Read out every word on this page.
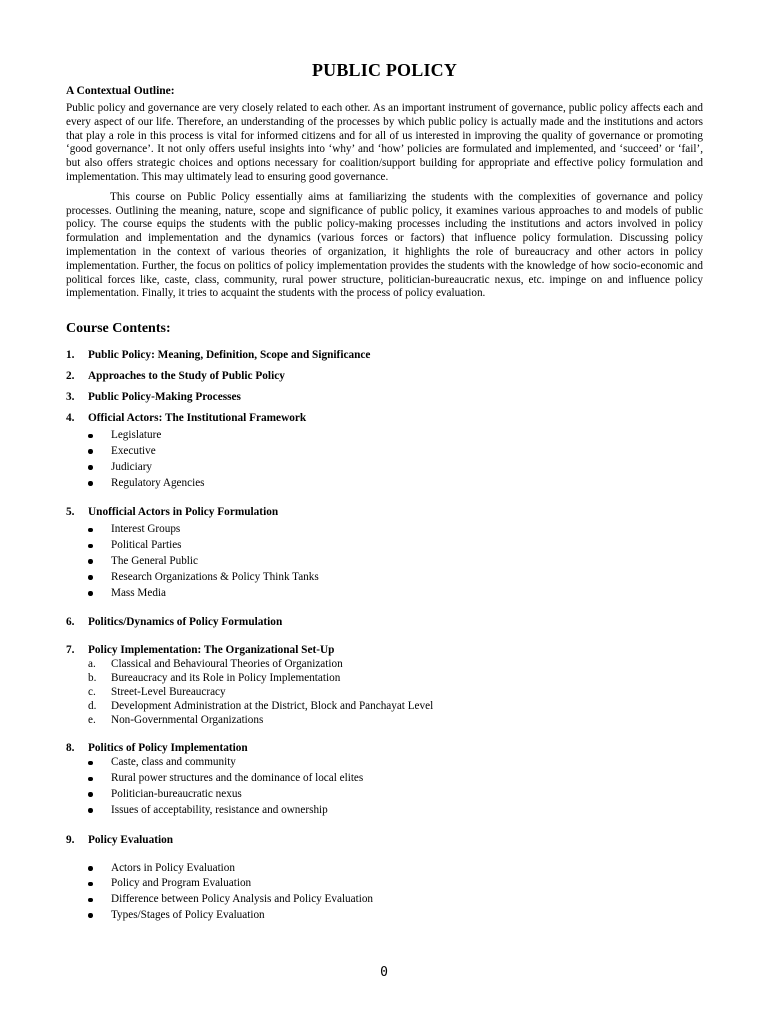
PUBLIC POLICY
A Contextual Outline:

Public policy and governance are very closely related to each other. As an important instrument of governance, public policy affects each and every aspect of our life. Therefore, an understanding of the processes by which public policy is actually made and the institutions and actors that play a role in this process is vital for informed citizens and for all of us interested in improving the quality of governance or promoting ‘good governance’. It not only offers useful insights into ‘why’ and ‘how’ policies are formulated and implemented, and ‘succeed’ or ‘fail’, but also offers strategic choices and options necessary for coalition/support building for appropriate and effective policy formulation and implementation. This may ultimately lead to ensuring good governance.

This course on Public Policy essentially aims at familiarizing the students with the complexities of governance and policy processes. Outlining the meaning, nature, scope and significance of public policy, it examines various approaches to and models of public policy. The course equips the students with the public policy-making processes including the institutions and actors involved in policy formulation and implementation and the dynamics (various forces or factors) that influence policy formulation. Discussing policy implementation in the context of various theories of organization, it highlights the role of bureaucracy and other actors in policy implementation. Further, the focus on politics of policy implementation provides the students with the knowledge of how socio-economic and political forces like, caste, class, community, rural power structure, politician-bureaucratic nexus, etc. impinge on and influence policy implementation. Finally, it tries to acquaint the students with the process of policy evaluation.

Course Contents:
1.	Public Policy: Meaning, Definition, Scope and Significance
2.	Approaches to the Study of Public Policy
3.	Public Policy-Making Processes
4.	Official Actors: The Institutional Framework
Legislature
Executive
Judiciary
Regulatory Agencies
5.	Unofficial Actors in Policy Formulation
Interest Groups
Political Parties
The General Public
Research Organizations & Policy Think Tanks
Mass Media
6.	Politics/Dynamics of Policy Formulation
7.	Policy Implementation: The Organizational Set-Up
a.	Classical and Behavioural Theories of Organization
b.	Bureaucracy and its Role in Policy Implementation
c.	Street-Level Bureaucracy
d.	Development Administration at the District, Block and Panchayat Level
e.	Non-Governmental Organizations
8.	Politics of Policy Implementation
Caste, class and community
Rural power structures and the dominance of local elites
Politician-bureaucratic nexus
Issues of acceptability, resistance and ownership
9.	Policy Evaluation
Actors in Policy Evaluation
Policy and Program Evaluation
Difference between Policy Analysis and Policy Evaluation
Types/Stages of Policy Evaluation
0
